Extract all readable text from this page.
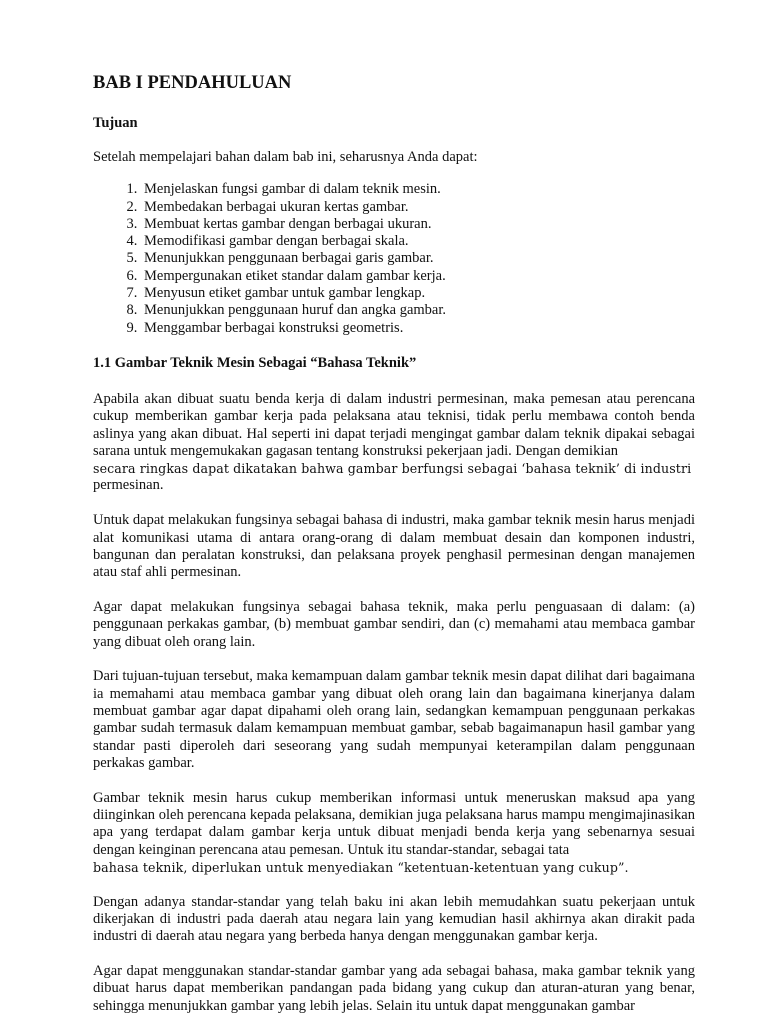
BAB I PENDAHULUAN
Tujuan

Setelah mempelajari bahan dalam bab ini, seharusnya Anda dapat:

1. Menjelaskan fungsi gambar di dalam teknik mesin.
2. Membedakan berbagai ukuran kertas gambar.
3. Membuat kertas gambar dengan berbagai ukuran.
4. Memodifikasi gambar dengan berbagai skala.
5. Menunjukkan penggunaan berbagai garis gambar.
6. Mempergunakan etiket standar dalam gambar kerja.
7. Menyusun etiket gambar untuk gambar lengkap.
8. Menunjukkan penggunaan huruf dan angka gambar.
9. Menggambar berbagai konstruksi geometris.
1.1 Gambar Teknik Mesin Sebagai “Bahasa Teknik”

Apabila akan dibuat suatu benda kerja di dalam industri permesinan, maka pemesan atau perencana cukup memberikan gambar kerja pada pelaksana atau teknisi, tidak perlu membawa contoh benda aslinya yang akan dibuat. Hal seperti ini dapat terjadi mengingat gambar dalam teknik dipakai sebagai sarana untuk mengemukakan gagasan tentang konstruksi pekerjaan jadi. Dengan demikian

secara ringkas dapat dikatakan bahwa gambar berfungsi sebagai ‘bahasa teknik’ di industri

permesinan.

Untuk dapat melakukan fungsinya sebagai bahasa di industri, maka gambar teknik mesin harus menjadi alat komunikasi utama di antara orang-orang di dalam membuat desain dan komponen industri, bangunan dan peralatan konstruksi, dan pelaksana proyek penghasil permesinan dengan manajemen atau staf ahli permesinan.

Agar dapat melakukan fungsinya sebagai bahasa teknik, maka perlu penguasaan di dalam: (a) penggunaan perkakas gambar, (b) membuat gambar sendiri, dan (c) memahami atau membaca gambar yang dibuat oleh orang lain.

Dari tujuan-tujuan tersebut, maka kemampuan dalam gambar teknik mesin dapat dilihat dari bagaimana ia memahami atau membaca gambar yang dibuat oleh orang lain dan bagaimana kinerjanya dalam membuat gambar agar dapat dipahami oleh orang lain, sedangkan kemampuan penggunaan perkakas gambar sudah termasuk dalam kemampuan membuat gambar, sebab bagaimanapun hasil gambar yang standar pasti diperoleh dari seseorang yang sudah mempunyai keterampilan dalam penggunaan perkakas gambar.

Gambar teknik mesin harus cukup memberikan informasi untuk meneruskan maksud apa yang diinginkan oleh perencana kepada pelaksana, demikian juga pelaksana harus mampu mengimajinasikan apa yang terdapat dalam gambar kerja untuk dibuat menjadi benda kerja yang sebenarnya sesuai dengan keinginan perencana atau pemesan. Untuk itu standar-standar, sebagai tata

bahasa teknik, diperlukan untuk menyediakan “ketentuan-ketentuan yang cukup”.

Dengan adanya standar-standar yang telah baku ini akan lebih memudahkan suatu pekerjaan untuk dikerjakan di industri pada daerah atau negara lain yang kemudian hasil akhirnya akan dirakit pada industri di daerah atau negara yang berbeda hanya dengan menggunakan gambar kerja.

Agar dapat menggunakan standar-standar gambar yang ada sebagai bahasa, maka gambar teknik yang dibuat harus dapat memberikan pandangan pada bidang yang cukup dan aturan-aturan yang benar, sehingga menunjukkan gambar yang lebih jelas. Selain itu untuk dapat menggunakan gambar
